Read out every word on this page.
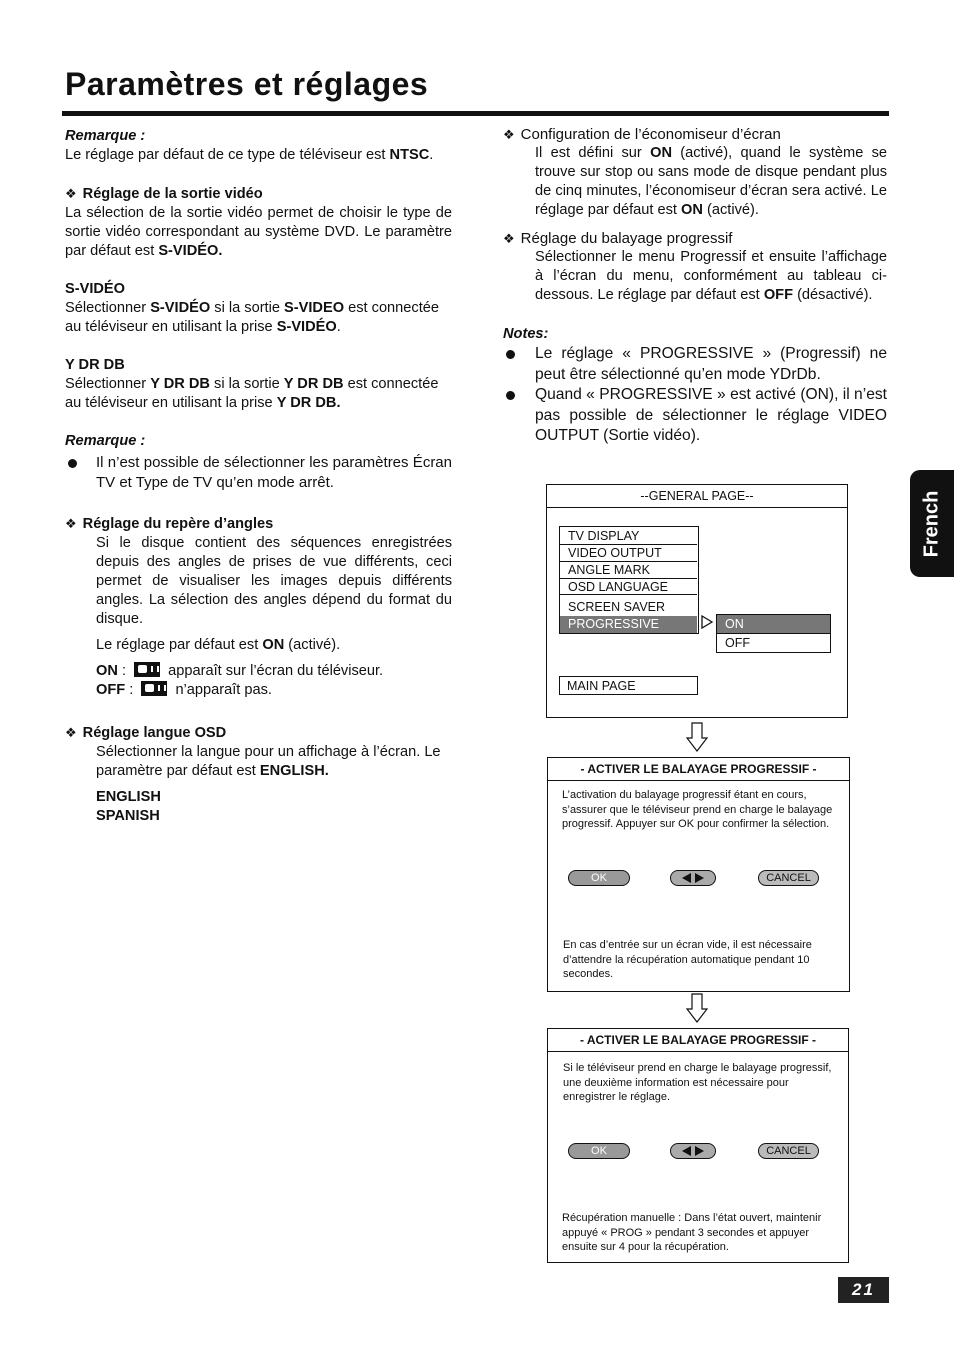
Paramètres et réglages
French

Remarque :

Le réglage par défaut de ce type de téléviseur est NTSC.

❖ Réglage de la sortie vidéo

La sélection de la sortie vidéo permet de choisir le type de sortie vidéo correspondant au système DVD. Le paramètre par défaut est S-VIDÉO.

S-VIDÉO

Sélectionner S-VIDÉO si la sortie S-VIDEO est connectée au téléviseur en utilisant la prise S-VIDÉO.

Y DR DB

Sélectionner Y DR DB si la sortie Y DR DB est connectée au téléviseur en utilisant la prise Y DR DB.

Remarque :

Il n’est possible de sélectionner les paramètres Écran TV et Type de TV qu’en mode arrêt.

❖ Réglage du repère d’angles

Si le disque contient des séquences enregistrées depuis des angles de prises de vue différents, ceci permet de visualiser les images depuis différents angles. La sélection des angles dépend du format du disque.

Le réglage par défaut est ON (activé).

ON :	apparaît sur l’écran du téléviseur.

OFF :	n’apparaît pas.

❖ Réglage langue OSD

Sélectionner la langue pour un affichage à l’écran. Le paramètre par défaut est ENGLISH.

ENGLISH

SPANISH

❖ Configuration de l’économiseur d’écran

Il est défini sur ON (activé), quand le système se trouve sur stop ou sans mode de disque pendant plus de cinq minutes, l’économiseur d’écran sera activé. Le réglage par défaut est ON (activé).

❖ Réglage du balayage progressif

Sélectionner le menu Progressif et ensuite l’affichage à l’écran du menu, conformément au tableau ci-dessous. Le réglage par défaut est OFF (désactivé).

Notes:

Le réglage « PROGRESSIVE » (Progressif) ne peut être sélectionné qu’en mode YDrDb.
Quand « PROGRESSIVE » est activé (ON), il n’est pas possible de sélectionner le réglage VIDEO OUTPUT (Sortie vidéo).
--GENERAL PAGE--
TV DISPLAY
VIDEO OUTPUT
ANGLE MARK
OSD LANGUAGE
SCREEN SAVER
PROGRESSIVE	ON
OFF
MAIN PAGE
- ACTIVER LE BALAYAGE PROGRESSIF -
L’activation du balayage progressif étant en cours, s’assurer que le téléviseur prend en charge le balayage progressif. Appuyer sur OK pour confirmer la sélection.
OK	CANCEL
En cas d’entrée sur un écran vide, il est nécessaire d’attendre la récupération automatique pendant 10 secondes.
- ACTIVER LE BALAYAGE PROGRESSIF -
Si le téléviseur prend en charge le balayage progressif, une deuxième information est nécessaire pour enregistrer le réglage.
OK	CANCEL
Récupération manuelle : Dans l’état ouvert, maintenir appuyé « PROG » pendant 3 secondes et appuyer ensuite sur 4 pour la récupération.
21
